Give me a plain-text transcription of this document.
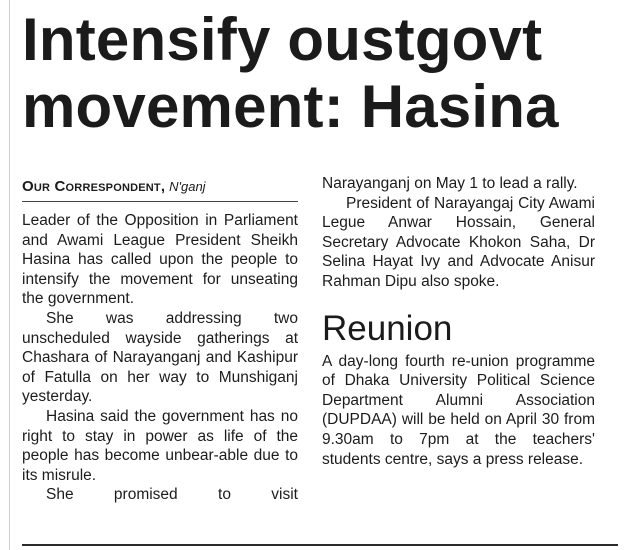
Intensify oustgovt
movement: Hasina
Our Correspondent, N'ganj

Leader of the Opposition in Parliament and Awami League President Sheikh Hasina has called upon the people to intensify the movement for unseating the government.

She was addressing two unscheduled wayside gatherings at Chashara of Narayanganj and Kashipur of Fatulla on her way to Munshiganj yesterday.

Hasina said the government has no right to stay in power as life of the people has become unbear-able due to its misrule.

She promised to visit

Narayanganj on May 1 to lead a rally.

President of Narayangaj City Awami Legue Anwar Hossain, General Secretary Advocate Khokon Saha, Dr Selina Hayat Ivy and Advocate Anisur Rahman Dipu also spoke.

Reunion

A day-long fourth re-union programme of Dhaka University Political Science Department Alumni Association (DUPDAA) will be held on April 30 from 9.30am to 7pm at the teachers' students centre, says a press release.
